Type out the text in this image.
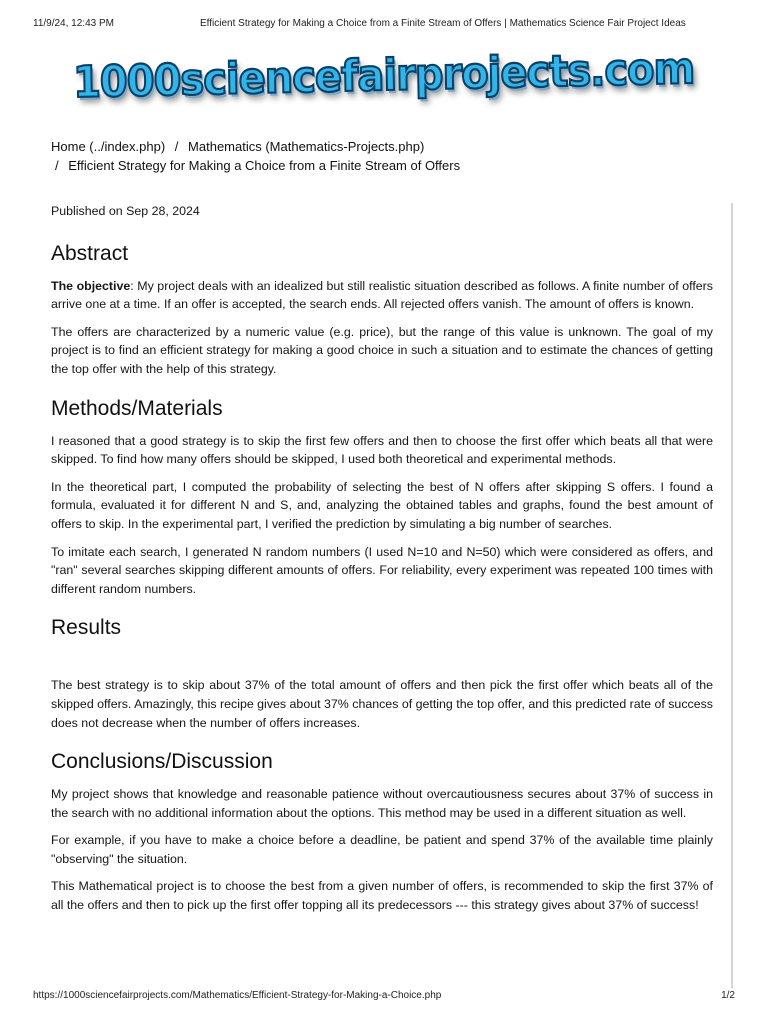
11/9/24, 12:43 PM	Efficient Strategy for Making a Choice from a Finite Stream of Offers | Mathematics Science Fair Project Ideas
1000sciencefairprojects.com
Home (../index.php) / Mathematics (Mathematics-Projects.php)
/ Efficient Strategy for Making a Choice from a Finite Stream of Offers
Published on Sep 28, 2024
Abstract

The objective: My project deals with an idealized but still realistic situation described as follows. A finite number of offers arrive one at a time. If an offer is accepted, the search ends. All rejected offers vanish. The amount of offers is known.

The offers are characterized by a numeric value (e.g. price), but the range of this value is unknown. The goal of my project is to find an efficient strategy for making a good choice in such a situation and to estimate the chances of getting the top offer with the help of this strategy.

Methods/Materials

I reasoned that a good strategy is to skip the first few offers and then to choose the first offer which beats all that were skipped. To find how many offers should be skipped, I used both theoretical and experimental methods.

In the theoretical part, I computed the probability of selecting the best of N offers after skipping S offers. I found a formula, evaluated it for different N and S, and, analyzing the obtained tables and graphs, found the best amount of offers to skip. In the experimental part, I verified the prediction by simulating a big number of searches.

To imitate each search, I generated N random numbers (I used N=10 and N=50) which were considered as offers, and "ran" several searches skipping different amounts of offers. For reliability, every experiment was repeated 100 times with different random numbers.

Results

The best strategy is to skip about 37% of the total amount of offers and then pick the first offer which beats all of the skipped offers. Amazingly, this recipe gives about 37% chances of getting the top offer, and this predicted rate of success does not decrease when the number of offers increases.

Conclusions/Discussion

My project shows that knowledge and reasonable patience without overcautiousness secures about 37% of success in the search with no additional information about the options. This method may be used in a different situation as well.

For example, if you have to make a choice before a deadline, be patient and spend 37% of the available time plainly "observing" the situation.

This Mathematical project is to choose the best from a given number of offers, is recommended to skip the first 37% of all the offers and then to pick up the first offer topping all its predecessors --- this strategy gives about 37% of success!

https://1000sciencefairprojects.com/Mathematics/Efficient-Strategy-for-Making-a-Choice.php	1/2
